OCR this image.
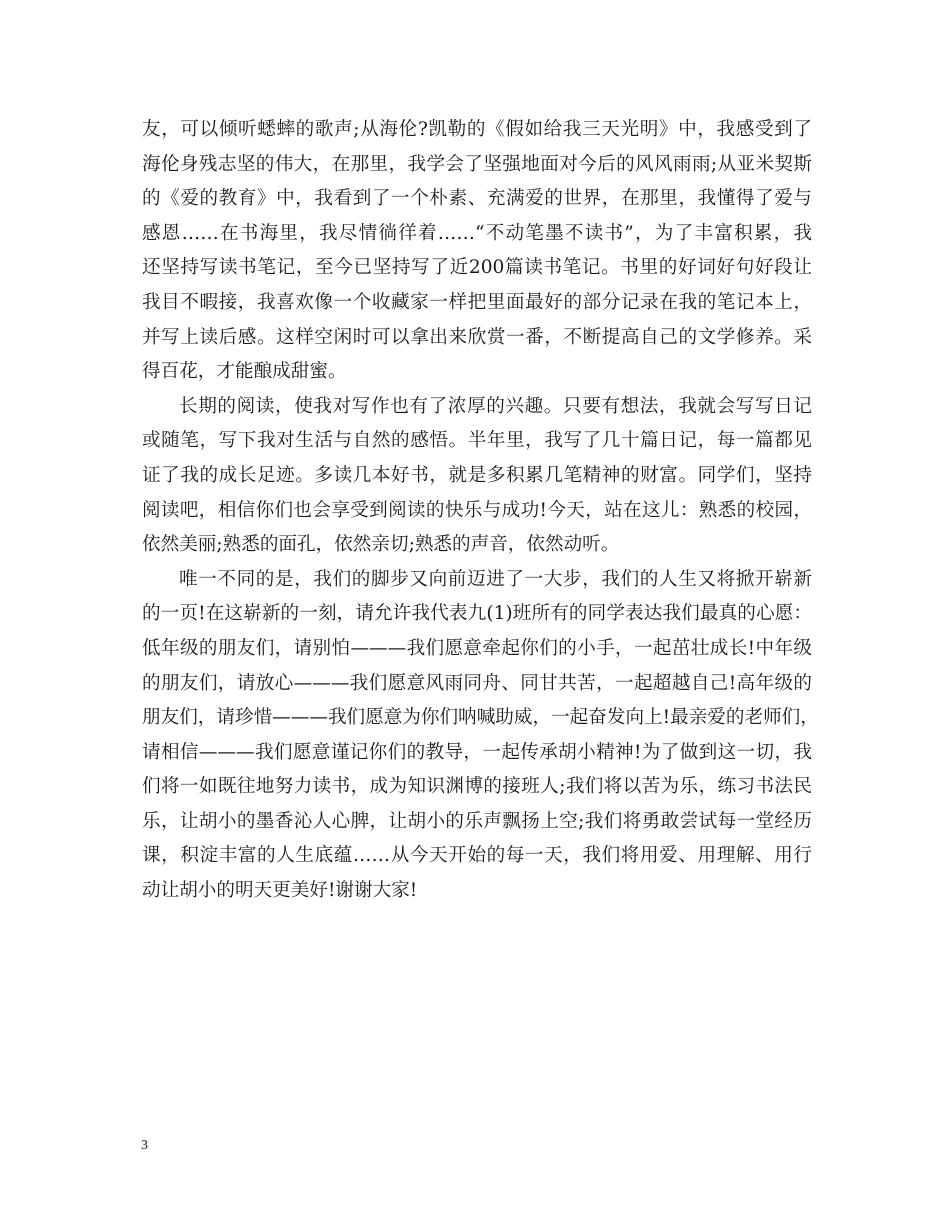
友，可以倾听蟋蟀的歌声;从海伦?凯勒的《假如给我三天光明》中，我感受到了
海伦身残志坚的伟大，在那里，我学会了坚强地面对今后的风风雨雨;从亚米契斯
的《爱的教育》中，我看到了一个朴素、充满爱的世界，在那里，我懂得了爱与
感恩……在书海里，我尽情徜徉着……“不动笔墨不读书”，为了丰富积累，我
还坚持写读书笔记，至今已坚持写了近200篇读书笔记。书里的好词好句好段让
我目不暇接，我喜欢像一个收藏家一样把里面最好的部分记录在我的笔记本上，
并写上读后感。这样空闲时可以拿出来欣赏一番，不断提高自己的文学修养。采
得百花，才能酿成甜蜜。
长期的阅读，使我对写作也有了浓厚的兴趣。只要有想法，我就会写写日记
或随笔，写下我对生活与自然的感悟。半年里，我写了几十篇日记，每一篇都见
证了我的成长足迹。多读几本好书，就是多积累几笔精神的财富。同学们，坚持
阅读吧，相信你们也会享受到阅读的快乐与成功!今天，站在这儿：熟悉的校园，
依然美丽;熟悉的面孔，依然亲切;熟悉的声音，依然动听。
唯一不同的是，我们的脚步又向前迈进了一大步，我们的人生又将掀开崭新
的一页!在这崭新的一刻，请允许我代表九(1)班所有的同学表达我们最真的心愿：
低年级的朋友们，请别怕———我们愿意牵起你们的小手，一起茁壮成长!中年级
的朋友们，请放心———我们愿意风雨同舟、同甘共苦，一起超越自己!高年级的
朋友们，请珍惜———我们愿意为你们呐喊助威，一起奋发向上!最亲爱的老师们，
请相信———我们愿意谨记你们的教导，一起传承胡小精神!为了做到这一切，我
们将一如既往地努力读书，成为知识渊博的接班人;我们将以苦为乐，练习书法民
乐，让胡小的墨香沁人心脾，让胡小的乐声飘扬上空;我们将勇敢尝试每一堂经历
课，积淀丰富的人生底蕴……从今天开始的每一天，我们将用爱、用理解、用行
动让胡小的明天更美好!谢谢大家!
3
